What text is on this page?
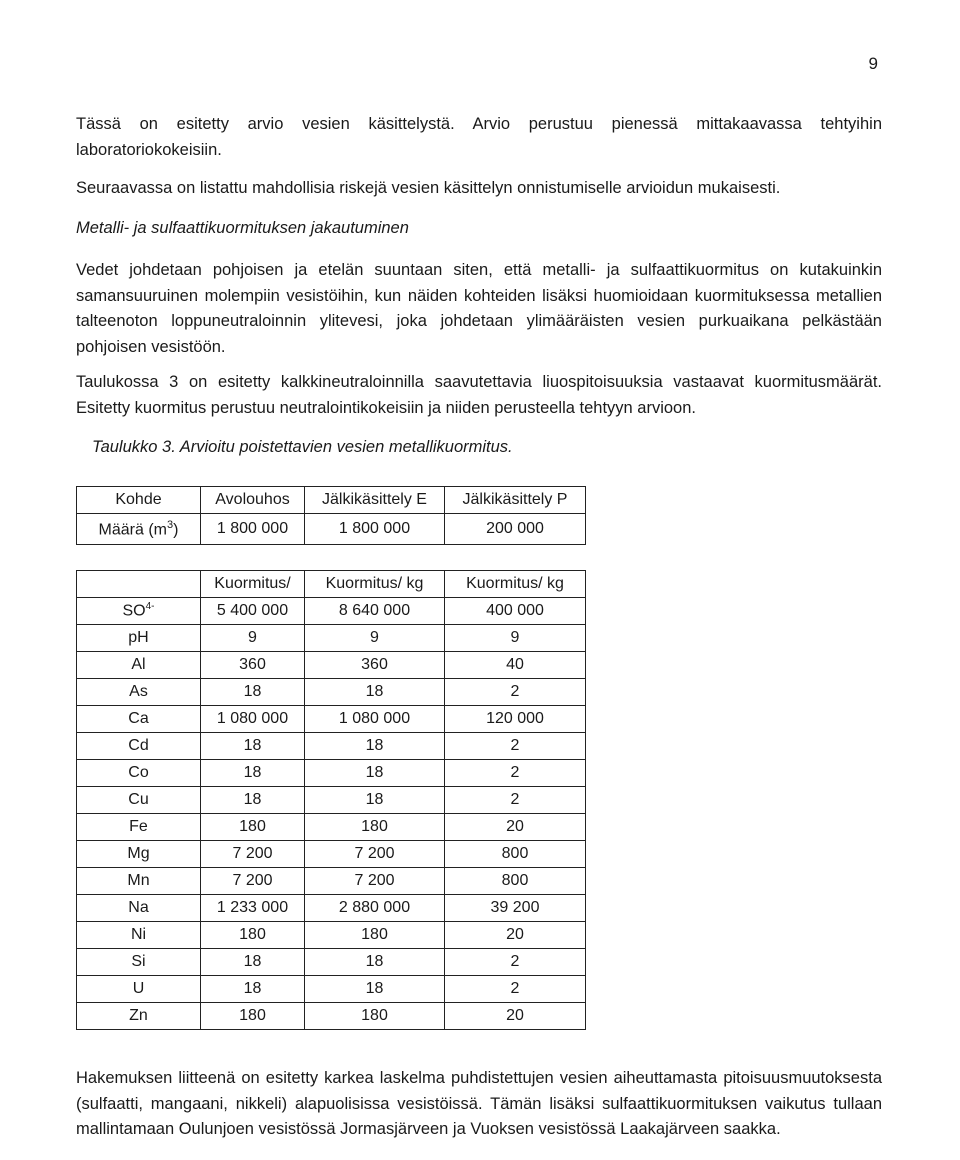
9

Tässä on esitetty arvio vesien käsittelystä. Arvio perustuu pienessä mittakaavassa tehtyihin laboratoriokokeisiin.

Seuraavassa on listattu mahdollisia riskejä vesien käsittelyn onnistumiselle arvioidun mukaisesti.

Metalli- ja sulfaattikuormituksen jakautuminen

Vedet johdetaan pohjoisen ja etelän suuntaan siten, että metalli- ja sulfaattikuormitus on kutakuinkin samansuuruinen molempiin vesistöihin, kun näiden kohteiden lisäksi huomioidaan kuormituksessa metallien talteenoton loppuneutraloinnin ylitevesi, joka johdetaan ylimääräisten vesien purkuaikana pelkästään pohjoisen vesistöön.

Taulukossa 3 on esitetty kalkkineutraloinnilla saavutettavia liuospitoisuuksia vastaavat kuormitusmäärät. Esitetty kuormitus perustuu neutralointikokeisiin ja niiden perusteella tehtyyn arvioon.

Taulukko 3. Arvioitu poistettavien vesien metallikuormitus.

Kohde	Avolouhos	Jälkikäsittely E	Jälkikäsittely P
Määrä $(m^3)$	1 800 000	1 800 000	200 000
	Kuormitus/	Kuormitus/ kg	Kuormitus/ kg
$SO^{4-}$	5 400 000	8 640 000	400 000
pH	9	9	9
Al	360	360	40
As	18	18	2
Ca	1 080 000	1 080 000	120 000
Cd	18	18	2
Co	18	18	2
Cu	18	18	2
Fe	180	180	20
Mg	7 200	7 200	800
Mn	7 200	7 200	800
Na	1 233 000	2 880 000	39 200
Ni	180	180	20
Si	18	18	2
U	18	18	2
Zn	180	180	20

Hakemuksen liitteenä on esitetty karkea laskelma puhdistettujen vesien aiheuttamasta pitoisuusmuutoksesta (sulfaatti, mangaani, nikkeli) alapuolisissa vesistöissä. Tämän lisäksi sulfaattikuormituksen vaikutus tullaan mallintamaan Oulunjoen vesistössä Jormasjärveen ja Vuoksen vesistössä Laakajärveen saakka.
